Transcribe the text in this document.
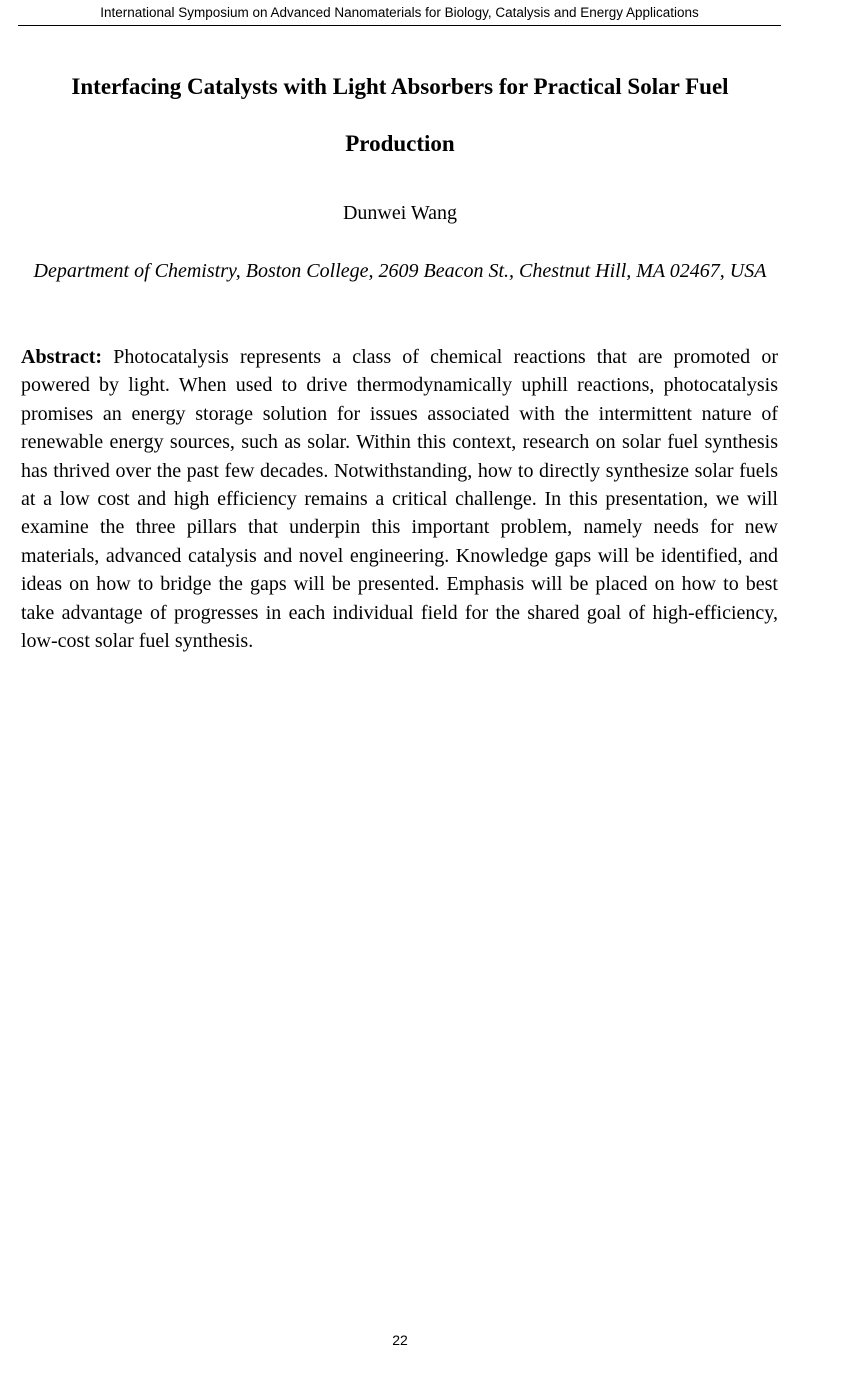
International Symposium on Advanced Nanomaterials for Biology, Catalysis and Energy Applications
Interfacing Catalysts with Light Absorbers for Practical Solar Fuel Production
Dunwei Wang
Department of Chemistry, Boston College, 2609 Beacon St., Chestnut Hill, MA 02467, USA

Abstract: Photocatalysis represents a class of chemical reactions that are promoted or powered by light. When used to drive thermodynamically uphill reactions, photocatalysis promises an energy storage solution for issues associated with the intermittent nature of renewable energy sources, such as solar. Within this context, research on solar fuel synthesis has thrived over the past few decades. Notwithstanding, how to directly synthesize solar fuels at a low cost and high efficiency remains a critical challenge. In this presentation, we will examine the three pillars that underpin this important problem, namely needs for new materials, advanced catalysis and novel engineering. Knowledge gaps will be identified, and ideas on how to bridge the gaps will be presented. Emphasis will be placed on how to best take advantage of progresses in each individual field for the shared goal of high-efficiency, low-cost solar fuel synthesis.

22
